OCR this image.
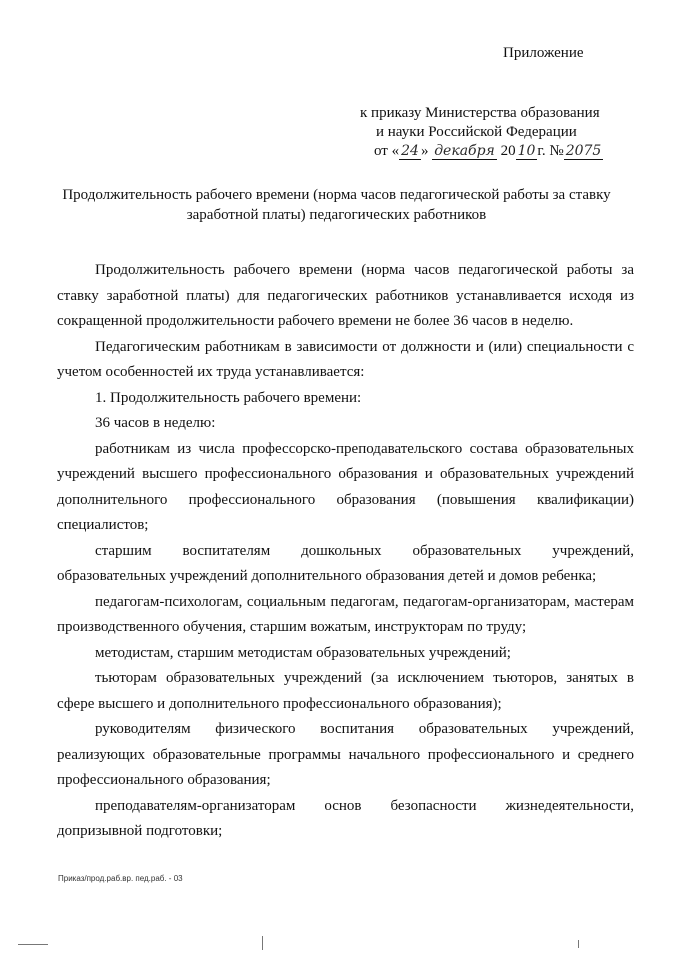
Приложение
к приказу Министерства образования
и науки Российской Федерации
от « 24 » декабря 20 10 г. № 2075
Продолжительность рабочего времени (норма часов педагогической работы за ставку
заработной платы) педагогических работников

Продолжительность рабочего времени (норма часов педагогической работы за ставку заработной платы) для педагогических работников устанавливается исходя из сокращенной продолжительности рабочего времени не более 36 часов в неделю.

Педагогическим работникам в зависимости от должности и (или) специальности с учетом особенностей их труда устанавливается:

1. Продолжительность рабочего времени:

36 часов в неделю:

работникам из числа профессорско-преподавательского состава образовательных учреждений высшего профессионального образования и образовательных учреждений дополнительного профессионального образования (повышения квалификации) специалистов;

старшим воспитателям дошкольных образовательных учреждений, образовательных учреждений дополнительного образования детей и домов ребенка;

педагогам-психологам, социальным педагогам, педагогам-организаторам, мастерам производственного обучения, старшим вожатым, инструкторам по труду;

методистам, старшим методистам образовательных учреждений;

тьюторам образовательных учреждений (за исключением тьюторов, занятых в сфере высшего и дополнительного профессионального образования);

руководителям физического воспитания образовательных учреждений, реализующих образовательные программы начального профессионального и среднего профессионального образования;

преподавателям-организаторам основ безопасности жизнедеятельности, допризывной подготовки;

Приказ/прод.раб.вр. пед.раб. - 03
